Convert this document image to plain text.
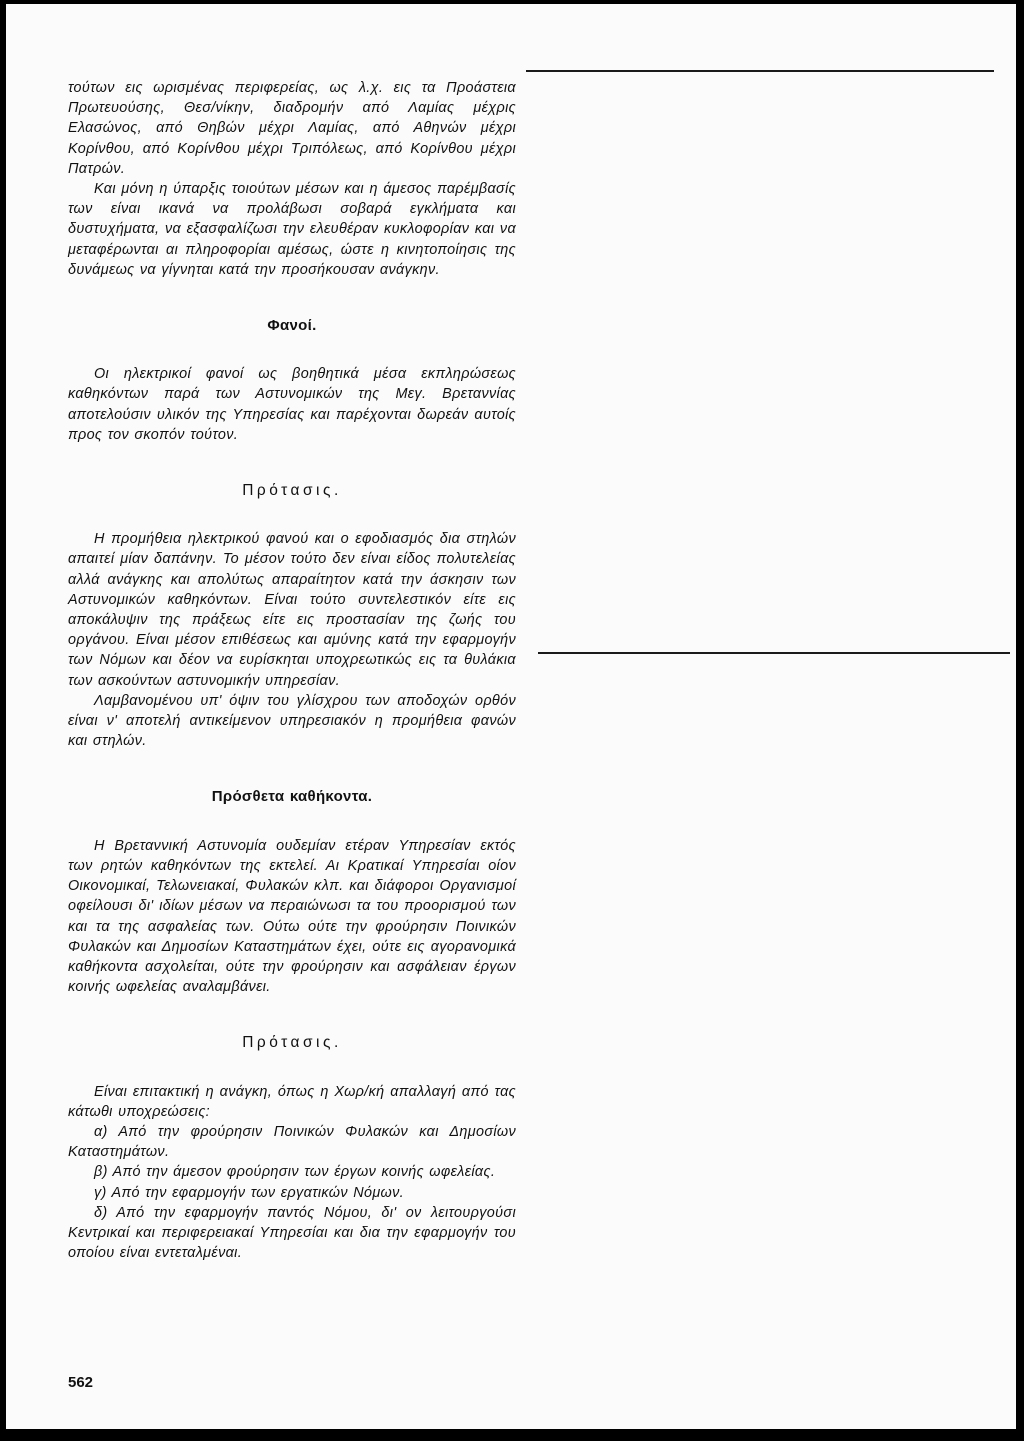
τούτων εις ωρισμένας περιφερείας, ως λ.χ. εις τα Προάστεια Πρωτευούσης, Θεσ/νίκην, διαδρομήν από Λαμίας μέχρις Ελασώνος, από Θηβών μέχρι Λαμίας, από Αθηνών μέχρι Κορίνθου, από Κορίνθου μέχρι Τριπόλεως, από Κορίνθου μέχρι Πατρών.

Και μόνη η ύπαρξις τοιούτων μέσων και η άμεσος παρέμβασίς των είναι ικανά να προλάβωσι σοβαρά εγκλήματα και δυστυχήματα, να εξασφαλίζωσι την ελευθέραν κυκλοφορίαν και να μεταφέρωνται αι πληροφορίαι αμέσως, ώστε η κινητοποίησις της δυνάμεως να γίγνηται κατά την προσήκουσαν ανάγκην.

Φανοί.

Οι ηλεκτρικοί φανοί ως βοηθητικά μέσα εκπληρώσεως καθηκόντων παρά των Αστυνομικών της Μεγ. Βρεταννίας αποτελούσιν υλικόν της Υπηρεσίας και παρέχονται δωρεάν αυτοίς προς τον σκοπόν τούτον.

Πρότασις.

Η προμήθεια ηλεκτρικού φανού και ο εφοδιασμός δια στηλών απαιτεί μίαν δαπάνην. Το μέσον τούτο δεν είναι είδος πολυτελείας αλλά ανάγκης και απολύτως απαραίτητον κατά την άσκησιν των Αστυνομικών καθηκόντων. Είναι τούτο συντελεστικόν είτε εις αποκάλυψιν της πράξεως είτε εις προστασίαν της ζωής του οργάνου. Είναι μέσον επιθέσεως και αμύνης κατά την εφαρμογήν των Νόμων και δέον να ευρίσκηται υποχρεωτικώς εις τα θυλάκια των ασκούντων αστυνομικήν υπηρεσίαν.

Λαμβανομένου υπ' όψιν του γλίσχρου των αποδοχών ορθόν είναι ν' αποτελή αντικείμενον υπηρεσιακόν η προμήθεια φανών και στηλών.

Πρόσθετα καθήκοντα.

Η Βρεταννική Αστυνομία ουδεμίαν ετέραν Υπηρεσίαν εκτός των ρητών καθηκόντων της εκτελεί. Αι Κρατικαί Υπηρεσίαι οίον Οικονομικαί, Τελωνειακαί, Φυλακών κλπ. και διάφοροι Οργανισμοί οφείλουσι δι' ιδίων μέσων να περαιώνωσι τα του προορισμού των και τα της ασφαλείας των. Ούτω ούτε την φρούρησιν Ποινικών Φυλακών και Δημοσίων Καταστημάτων έχει, ούτε εις αγορανομικά καθήκοντα ασχολείται, ούτε την φρούρησιν και ασφάλειαν έργων κοινής ωφελείας αναλαμβάνει.

Πρότασις.

Είναι επιτακτική η ανάγκη, όπως η Χωρ/κή απαλλαγή από τας κάτωθι υποχρεώσεις:

α) Από την φρούρησιν Ποινικών Φυλακών και Δημοσίων Καταστημάτων.

β) Από την άμεσον φρούρησιν των έργων κοινής ωφελείας.

γ) Από την εφαρμογήν των εργατικών Νόμων.

δ) Από την εφαρμογήν παντός Νόμου, δι' ον λειτουργούσι Κεντρικαί και περιφερειακαί Υπηρεσίαι και δια την εφαρμογήν του οποίου είναι εντεταλμέναι.

562
